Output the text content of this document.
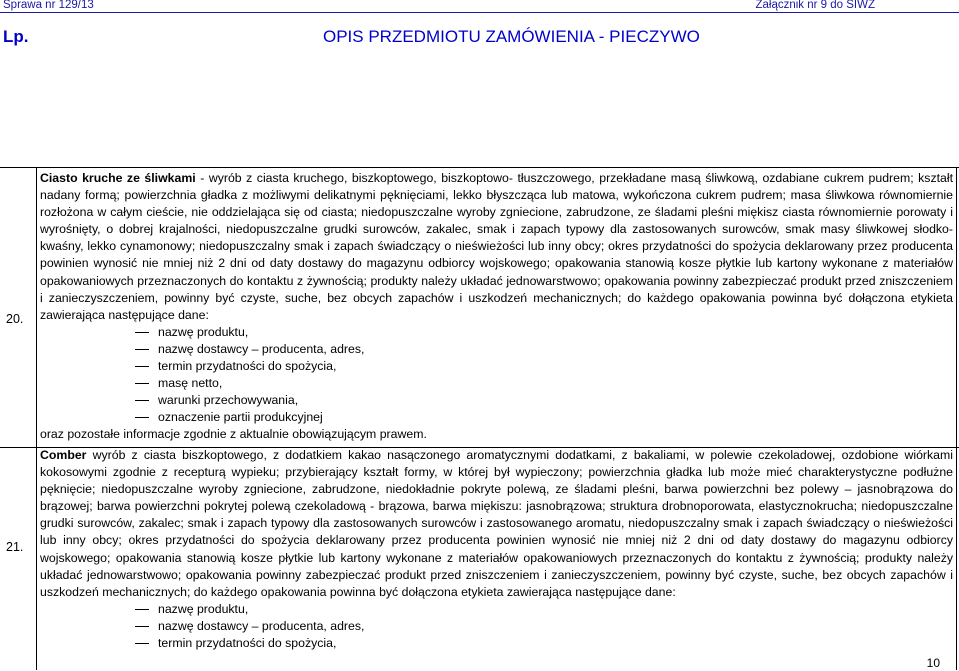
Sprawa nr 129/13	Załącznik nr 9 do SIWZ
Lp.	OPIS PRZEDMIOTU ZAMÓWIENIA - PIECZYWO
20.

Ciasto kruche ze śliwkami - wyrób z ciasta kruchego, biszkoptowego, biszkoptowo- tłuszczowego, przekładane masą śliwkową, ozdabiane cukrem pudrem; kształt nadany formą; powierzchnia gładka z możliwymi delikatnymi pęknięciami, lekko błyszcząca lub matowa, wykończona cukrem pudrem; masa śliwkowa równomiernie rozłożona w całym cieście, nie oddzielająca się od ciasta; niedopuszczalne wyroby zgniecione, zabrudzone, ze śladami pleśni miękisz ciasta równomiernie porowaty i wyrośnięty, o dobrej krajalności, niedopuszczalne grudki surowców, zakalec, smak i zapach typowy dla zastosowanych surowców, smak masy śliwkowej słodko-kwaśny, lekko cynamonowy; niedopuszczalny smak i zapach świadczący o nieświeżości lub inny obcy; okres przydatności do spożycia deklarowany przez producenta powinien wynosić nie mniej niż 2 dni od daty dostawy do magazynu odbiorcy wojskowego; opakowania stanowią kosze płytkie lub kartony wykonane z materiałów opakowaniowych przeznaczonych do kontaktu z żywnością; produkty należy układać jednowarstwowo; opakowania powinny zabezpieczać produkt przed zniszczeniem i zanieczyszczeniem, powinny być czyste, suche, bez obcych zapachów i uszkodzeń mechanicznych; do każdego opakowania powinna być dołączona etykieta zawierająca następujące dane:

nazwę produktu,
nazwę dostawcy – producenta, adres,
termin przydatności do spożycia,
masę netto,
warunki przechowywania,
oznaczenie partii produkcyjnej

oraz pozostałe informacje zgodnie z aktualnie obowiązującym prawem.

21.

Comber wyrób z ciasta biszkoptowego, z dodatkiem kakao nasączonego aromatycznymi dodatkami, z bakaliami, w polewie czekoladowej, ozdobione wiórkami kokosowymi zgodnie z recepturą wypieku; przybierający kształt formy, w której był wypieczony; powierzchnia gładka lub może mieć charakterystyczne podłużne pęknięcie; niedopuszczalne wyroby zgniecione, zabrudzone, niedokładnie pokryte polewą, ze śladami pleśni, barwa powierzchni bez polewy – jasnobrązowa do brązowej; barwa powierzchni pokrytej polewą czekoladową - brązowa, barwa miękiszu: jasnobrązowa; struktura drobnoporowata, elastycznokrucha; niedopuszczalne grudki surowców, zakalec; smak i zapach typowy dla zastosowanych surowców i zastosowanego aromatu, niedopuszczalny smak i zapach świadczący o nieświeżości lub inny obcy; okres przydatności do spożycia deklarowany przez producenta powinien wynosić nie mniej niż 2 dni od daty dostawy do magazynu odbiorcy wojskowego; opakowania stanowią kosze płytkie lub kartony wykonane z materiałów opakowaniowych przeznaczonych do kontaktu z żywnością; produkty należy układać jednowarstwowo; opakowania powinny zabezpieczać produkt przed zniszczeniem i zanieczyszczeniem, powinny być czyste, suche, bez obcych zapachów i uszkodzeń mechanicznych; do każdego opakowania powinna być dołączona etykieta zawierająca następujące dane:

nazwę produktu,
nazwę dostawcy – producenta, adres,
termin przydatności do spożycia,
10
